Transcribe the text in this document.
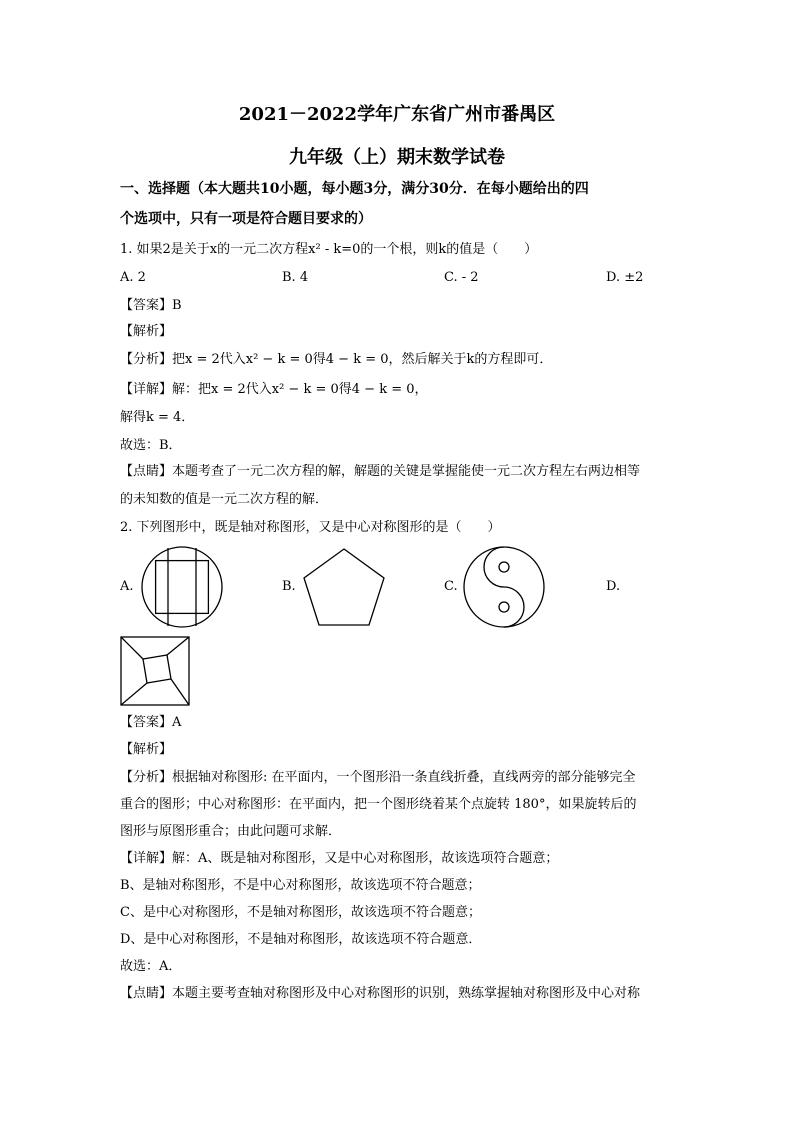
2021－2022学年广东省广州市番禺区
九年级（上）期末数学试卷
一、选择题（本大题共10小题，每小题3分，满分30分．在每小题给出的四
个选项中，只有一项是符合题目要求的）
1. 如果2是关于x的一元二次方程x² - k=0的一个根，则k的值是（　　）
A. 2	B. 4	C. - 2	D. ±2
【答案】B
【解析】
【分析】把x = 2代入x² − k = 0得4 − k = 0，然后解关于k的方程即可．
【详解】解：把x = 2代入x² − k = 0得4 − k = 0，
解得k = 4．
故选：B．
【点睛】本题考查了一元二次方程的解，解题的关键是掌握能使一元二次方程左右两边相等
的未知数的值是一元二次方程的解．
2. 下列图形中，既是轴对称图形，又是中心对称图形的是（　　）
A.	B.	C.	D.
【答案】A
【解析】
【分析】根据轴对称图形: 在平面内，一个图形沿一条直线折叠，直线两旁的部分能够完全
重合的图形；中心对称图形：在平面内，把一个图形绕着某个点旋转 180°，如果旋转后的
图形与原图形重合；由此问题可求解．
【详解】解：A、既是轴对称图形，又是中心对称图形，故该选项符合题意；
B、是轴对称图形，不是中心对称图形，故该选项不符合题意；
C、是中心对称图形，不是轴对称图形，故该选项不符合题意；
D、是中心对称图形，不是轴对称图形，故该选项不符合题意．
故选：A．
【点睛】本题主要考查轴对称图形及中心对称图形的识别，熟练掌握轴对称图形及中心对称
